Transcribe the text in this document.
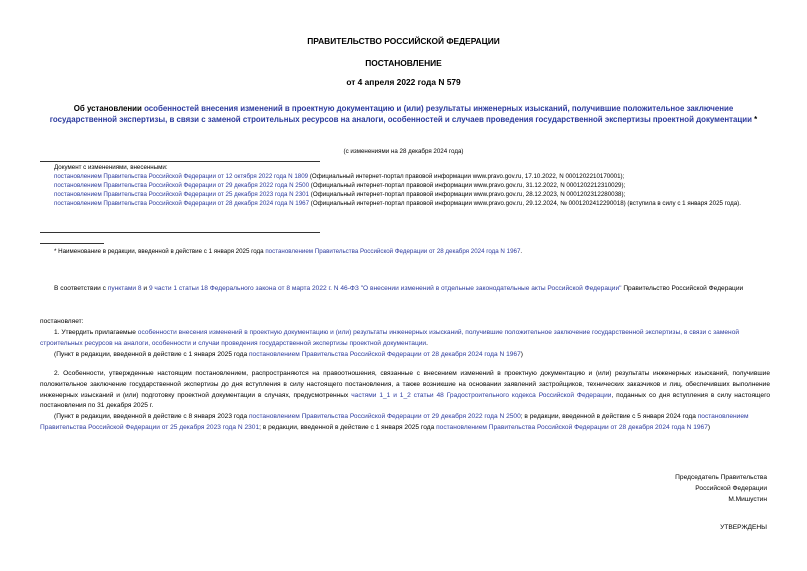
ПРАВИТЕЛЬСТВО РОССИЙСКОЙ ФЕДЕРАЦИИ
ПОСТАНОВЛЕНИЕ
от 4 апреля 2022 года N 579
Об установлении особенностей внесения изменений в проектную документацию и (или) результаты инженерных изысканий, получившие положительное заключение государственной экспертизы, в связи с заменой строительных ресурсов на аналоги, особенностей и случаев проведения государственной экспертизы проектной документации *
(с изменениями на 28 декабря 2024 года)
Документ с изменениями, внесенными:
постановлением Правительства Российской Федерации от 12 октября 2022 года N 1809 (Официальный интернет-портал правовой информации www.pravo.gov.ru, 17.10.2022, N 0001202210170001);
постановлением Правительства Российской Федерации от 29 декабря 2022 года N 2500 (Официальный интернет-портал правовой информации www.pravo.gov.ru, 31.12.2022, N 0001202212310029);
постановлением Правительства Российской Федерации от 25 декабря 2023 года N 2301 (Официальный интернет-портал правовой информации www.pravo.gov.ru, 28.12.2023, N 0001202312280038);
постановлением Правительства Российской Федерации от 28 декабря 2024 года N 1967 (Официальный интернет-портал правовой информации www.pravo.gov.ru, 29.12.2024, № 0001202412290018) (вступила в силу с 1 января 2025 года).
* Наименование в редакции, введенной в действие с 1 января 2025 года постановлением Правительства Российской Федерации от 28 декабря 2024 года N 1967.
В соответствии с пунктами 8 и 9 части 1 статьи 18 Федерального закона от 8 марта 2022 г. N 46-ФЗ "О внесении изменений в отдельные законодательные акты Российской Федерации" Правительство Российской Федерации
постановляет:
1. Утвердить прилагаемые особенности внесения изменений в проектную документацию и (или) результаты инженерных изысканий, получившие положительное заключение государственной экспертизы, в связи с заменой строительных ресурсов на аналоги, особенности и случаи проведения государственной экспертизы проектной документации.
(Пункт в редакции, введенной в действие с 1 января 2025 года постановлением Правительства Российской Федерации от 28 декабря 2024 года N 1967)
2. Особенности, утвержденные настоящим постановлением, распространяются на правоотношения, связанные с внесением изменений в проектную документацию и (или) результаты инженерных изысканий, получившие положительное заключение государственной экспертизы до дня вступления в силу настоящего постановления, а также возникшие на основании заявлений застройщиков, технических заказчиков и лиц, обеспечивших выполнение инженерных изысканий и (или) подготовку проектной документации в случаях, предусмотренных частями 1_1 и 1_2 статьи 48 Градостроительного кодекса Российской Федерации, поданных со дня вступления в силу настоящего постановления по 31 декабря 2025 г.
(Пункт в редакции, введенной в действие с 8 января 2023 года постановлением Правительства Российской Федерации от 29 декабря 2022 года N 2500; в редакции, введенной в действие с 5 января 2024 года постановлением Правительства Российской Федерации от 25 декабря 2023 года N 2301; в редакции, введенной в действие с 1 января 2025 года постановлением Правительства Российской Федерации от 28 декабря 2024 года N 1967)
Председатель Правительства
Российской Федерации
М.Мишустин
УТВЕРЖДЕНЫ
